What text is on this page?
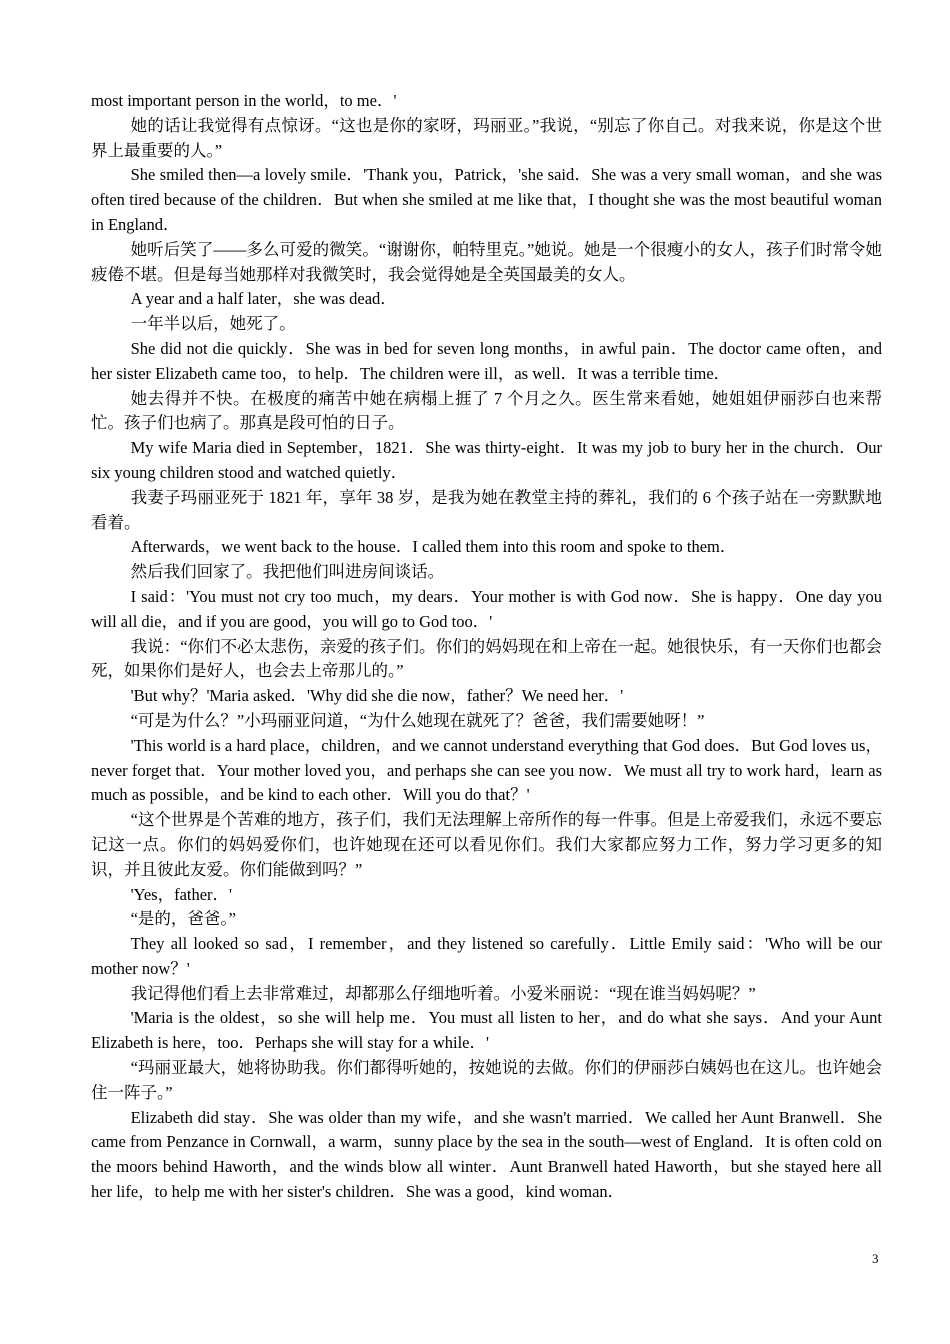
most important person in the world，to me．'

她的话让我觉得有点惊讶。“这也是你的家呀，玛丽亚。”我说，“别忘了你自己。对我来说，你是这个世界上最重要的人。”

She smiled then—a lovely smile．'Thank you，Patrick，'she said．She was a very small woman，and she was often tired because of the children．But when she smiled at me like that，I thought she was the most beautiful woman in England．

她听后笑了——多么可爱的微笑。“谢谢你，帕特里克。”她说。她是一个很瘦小的女人，孩子们时常令她疲倦不堪。但是每当她那样对我微笑时，我会觉得她是全英国最美的女人。

A year and a half later，she was dead．

一年半以后，她死了。

She did not die quickly．She was in bed for seven long months，in awful pain．The doctor came often，and her sister Elizabeth came too，to help．The children were ill，as well．It was a terrible time．

她去得并不快。在极度的痛苦中她在病榻上捱了 7 个月之久。医生常来看她，她姐姐伊丽莎白也来帮忙。孩子们也病了。那真是段可怕的日子。

My wife Maria died in September，1821．She was thirty-eight．It was my job to bury her in the church．Our six young children stood and watched quietly．

我妻子玛丽亚死于 1821 年，享年 38 岁，是我为她在教堂主持的葬礼，我们的 6 个孩子站在一旁默默地看着。

Afterwards，we went back to the house．I called them into this room and spoke to them．

然后我们回家了。我把他们叫进房间谈话。

I said：'You must not cry too much，my dears．Your mother is with God now．She is happy．One day you will all die，and if you are good，you will go to God too．'

我说：“你们不必太悲伤，亲爱的孩子们。你们的妈妈现在和上帝在一起。她很快乐，有一天你们也都会死，如果你们是好人，也会去上帝那儿的。”

'But why？'Maria asked．'Why did she die now，father？We need her．'

“可是为什么？”小玛丽亚问道，“为什么她现在就死了？爸爸，我们需要她呀！”

'This world is a hard place，children，and we cannot understand everything that God does．But God loves us，never forget that．Your mother loved you，and perhaps she can see you now．We must all try to work hard，learn as much as possible，and be kind to each other．Will you do that？'

“这个世界是个苦难的地方，孩子们，我们无法理解上帝所作的每一件事。但是上帝爱我们，永远不要忘记这一点。你们的妈妈爱你们，也许她现在还可以看见你们。我们大家都应努力工作，努力学习更多的知识，并且彼此友爱。你们能做到吗？”

'Yes，father．'

“是的，爸爸。”

They all looked so sad，I remember，and they listened so carefully．Little Emily said：'Who will be our mother now？'

我记得他们看上去非常难过，却都那么仔细地听着。小爱米丽说：“现在谁当妈妈呢？”

'Maria is the oldest，so she will help me．You must all listen to her，and do what she says．And your Aunt Elizabeth is here，too．Perhaps she will stay for a while．'

“玛丽亚最大，她将协助我。你们都得听她的，按她说的去做。你们的伊丽莎白姨妈也在这儿。也许她会住一阵子。”

Elizabeth did stay．She was older than my wife，and she wasn't married．We called her Aunt Branwell．She came from Penzance in Cornwall，a warm，sunny place by the sea in the south—west of England．It is often cold on the moors behind Haworth，and the winds blow all winter．Aunt Branwell hated Haworth，but she stayed here all her life，to help me with her sister's children．She was a good，kind woman．

3
